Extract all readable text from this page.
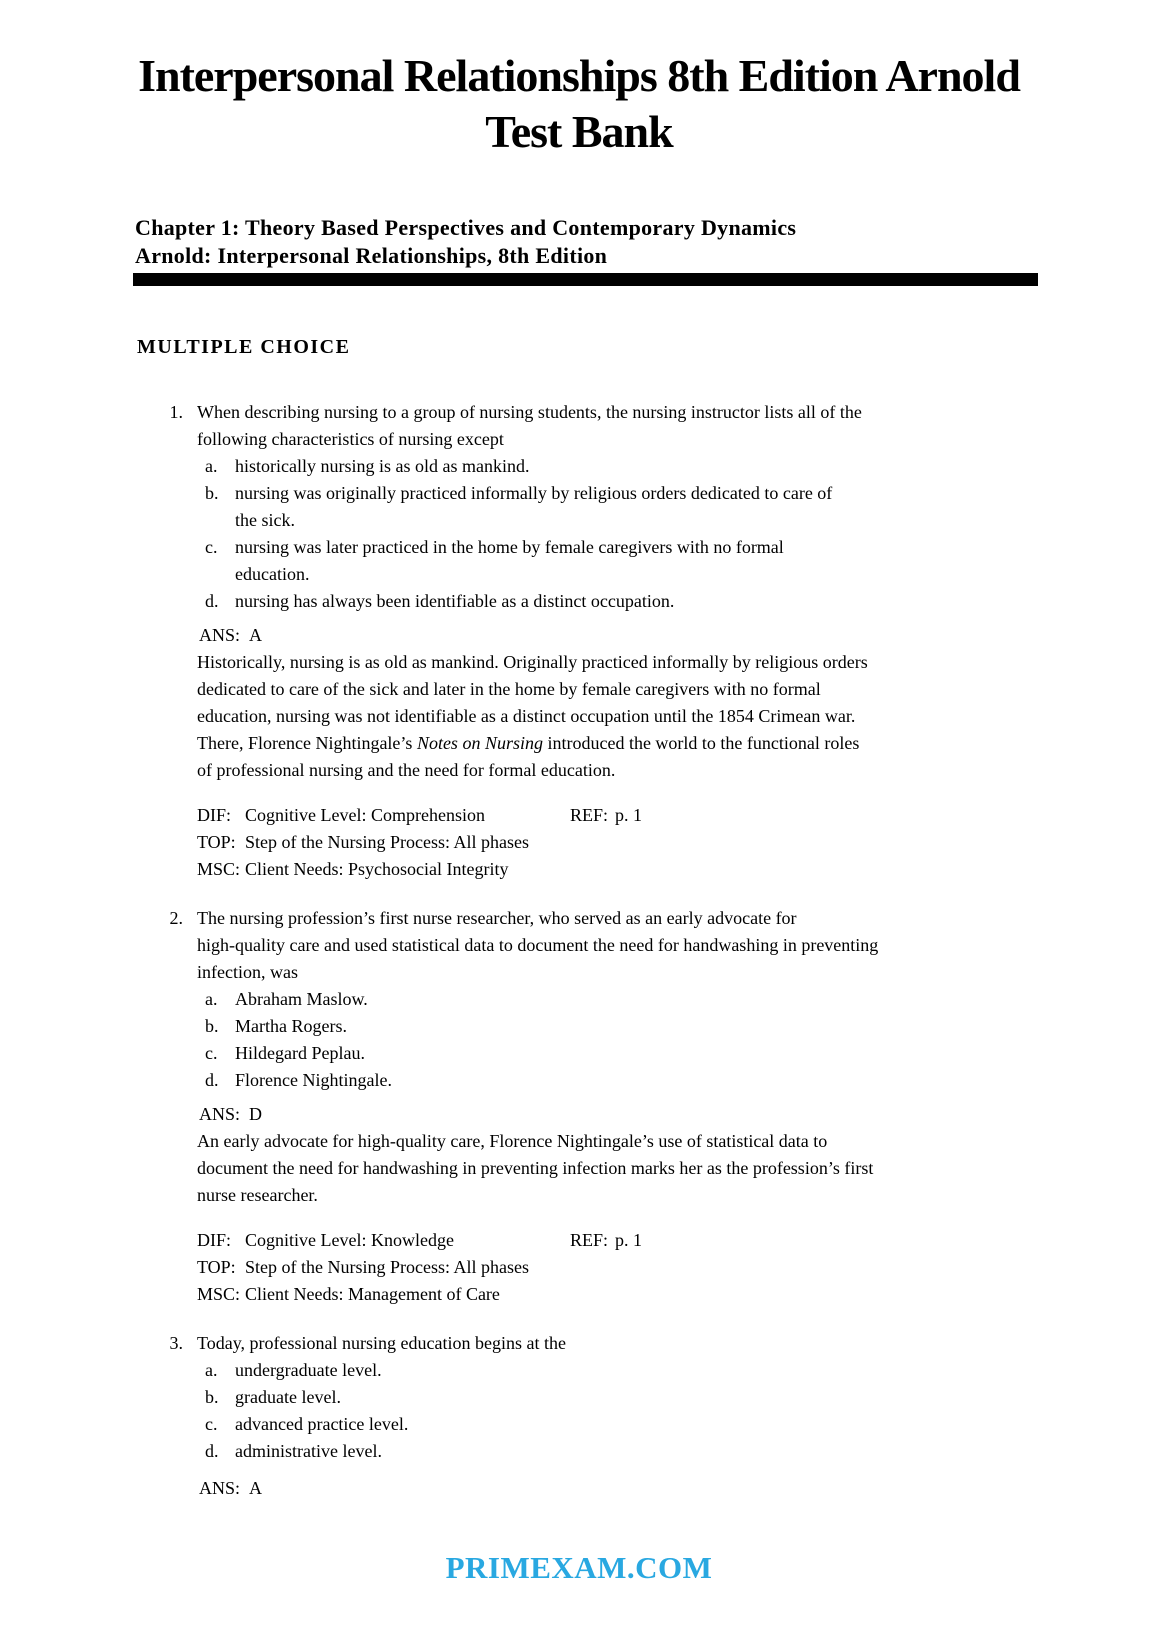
Interpersonal Relationships 8th Edition Arnold
Test Bank
Chapter 1: Theory Based Perspectives and Contemporary Dynamics
Arnold: Interpersonal Relationships, 8th Edition
MULTIPLE CHOICE
1. When describing nursing to a group of nursing students, the nursing instructor lists all of the
following characteristics of nursing except
a. historically nursing is as old as mankind.
b. nursing was originally practiced informally by religious orders dedicated to care of
the sick.
c. nursing was later practiced in the home by female caregivers with no formal
education.
d. nursing has always been identifiable as a distinct occupation.
ANS: A
Historically, nursing is as old as mankind. Originally practiced informally by religious orders
dedicated to care of the sick and later in the home by female caregivers with no formal
education, nursing was not identifiable as a distinct occupation until the 1854 Crimean war.
There, Florence Nightingale’s Notes on Nursing introduced the world to the functional roles
of professional nursing and the need for formal education.
DIF: Cognitive Level: Comprehension	REF: p. 1
TOP: Step of the Nursing Process: All phases
MSC: Client Needs: Psychosocial Integrity
2. The nursing profession’s first nurse researcher, who served as an early advocate for
high-quality care and used statistical data to document the need for handwashing in preventing
infection, was
a. Abraham Maslow.
b. Martha Rogers.
c. Hildegard Peplau.
d. Florence Nightingale.
ANS: D
An early advocate for high-quality care, Florence Nightingale’s use of statistical data to
document the need for handwashing in preventing infection marks her as the profession’s first
nurse researcher.
DIF: Cognitive Level: Knowledge	REF: p. 1
TOP: Step of the Nursing Process: All phases
MSC: Client Needs: Management of Care
3. Today, professional nursing education begins at the
a. undergraduate level.
b. graduate level.
c. advanced practice level.
d. administrative level.
ANS: A
PRIMEXAM.COM
